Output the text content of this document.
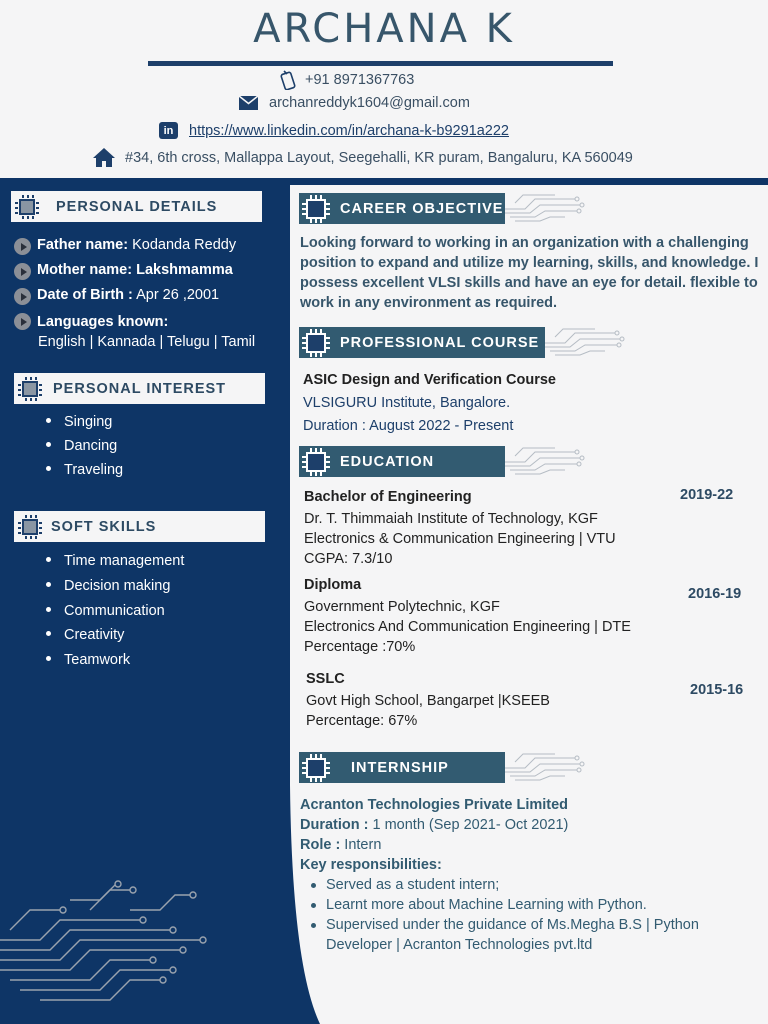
ARCHANA K
+91 8971367763
archanreddyk1604@gmail.com
in	https://www.linkedin.com/in/archana-k-b9291a222
#34, 6th cross, Mallappa Layout, Seegehalli, KR puram, Bangaluru, KA 560049
PERSONAL DETAILS
Father name: Kodanda Reddy
Mother name: Lakshmamma
Date of Birth : Apr 26 ,2001
Languages known:
English | Kannada | Telugu | Tamil
PERSONAL INTEREST
Singing
Dancing
Traveling
SOFT SKILLS
Time management
Decision making
Communication
Creativity
Teamwork
CAREER OBJECTIVE
Looking forward to working in an organization with a challenging position to expand and utilize my learning, skills, and knowledge. I possess excellent VLSI skills and have an eye for detail. flexible to work in any environment as required.
PROFESSIONAL COURSE
ASIC Design and Verification Course
VLSIGURU Institute, Bangalore.
Duration : August 2022 - Present
EDUCATION
Bachelor of Engineering	2019-22
Dr. T. Thimmaiah Institute of Technology, KGF
Electronics & Communication Engineering | VTU
CGPA: 7.3/10
Diploma
2016-19
Government Polytechnic, KGF
Electronics And Communication Engineering | DTE
Percentage :70%
SSLC
2015-16
Govt High School, Bangarpet |KSEEB
Percentage: 67%
INTERNSHIP
Acranton Technologies Private Limited
Duration : 1 month (Sep 2021- Oct 2021)
Role : Intern
Key responsibilities:
Served as a student intern;
Learnt more about Machine Learning with Python.
Supervised under the guidance of Ms.Megha B.S | Python Developer | Acranton Technologies pvt.ltd
